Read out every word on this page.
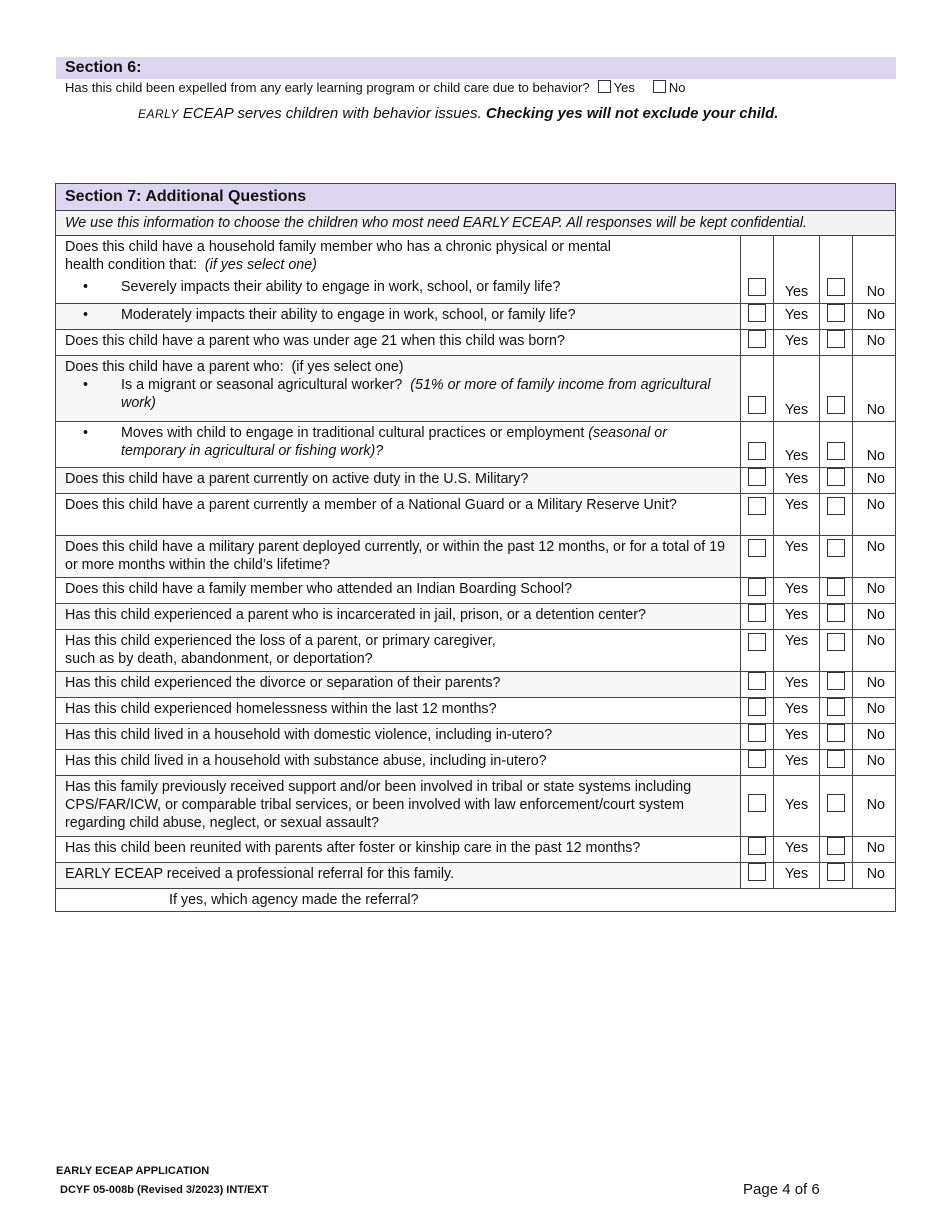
Section 6:
Has this child been expelled from any early learning program or child care due to behavior? Yes	No
EARLY ECEAP serves children with behavior issues. Checking yes will not exclude your child.
Section 7: Additional Questions				
We use this information to choose the children who most need EARLY ECEAP. All responses will be kept confidential.				

Does this child have a household family member who has a chronic physical or mental
health condition that: (if yes select one)
• Severely impacts their ability to engage in work, school, or family life?		Yes		No

• Moderately impacts their ability to engage in work, school, or family life?		Yes		No
Does this child have a parent who was under age 21 when this child was born?		Yes		No

Does this child have a parent who: (if yes select one)
• Is a migrant or seasonal agricultural worker? (51% or more of family income from agricultural work)		Yes		No

• Moves with child to engage in traditional cultural practices or employment (seasonal or temporary in agricultural or fishing work)?		Yes		No
Does this child have a parent currently on active duty in the U.S. Military?		Yes		No
Does this child have a parent currently a member of a National Guard or a Military Reserve Unit?		Yes		No
Does this child have a military parent deployed currently, or within the past 12 months, or for a total of 19 or more months within the child’s lifetime?		Yes		No
Does this child have a family member who attended an Indian Boarding School?		Yes		No
Has this child experienced a parent who is incarcerated in jail, prison, or a detention center?		Yes		No

Has this child experienced the loss of a parent, or primary caregiver,
such as by death, abandonment, or deportation?		Yes		No
Has this child experienced the divorce or separation of their parents?		Yes		No
Has this child experienced homelessness within the last 12 months?		Yes		No
Has this child lived in a household with domestic violence, including in-utero?		Yes		No
Has this child lived in a household with substance abuse, including in-utero?		Yes		No
Has this family previously received support and/or been involved in tribal or state systems including CPS/FAR/ICW, or comparable tribal services, or been involved with law enforcement/court system regarding child abuse, neglect, or sexual assault?		Yes		No
Has this child been reunited with parents after foster or kinship care in the past 12 months?		Yes		No
EARLY ECEAP received a professional referral for this family.		Yes		No
If yes, which agency made the referral?				
EARLY ECEAP APPLICATION
DCYF 05-008b (Revised 3/2023) INT/EXT	Page 4 of 6
